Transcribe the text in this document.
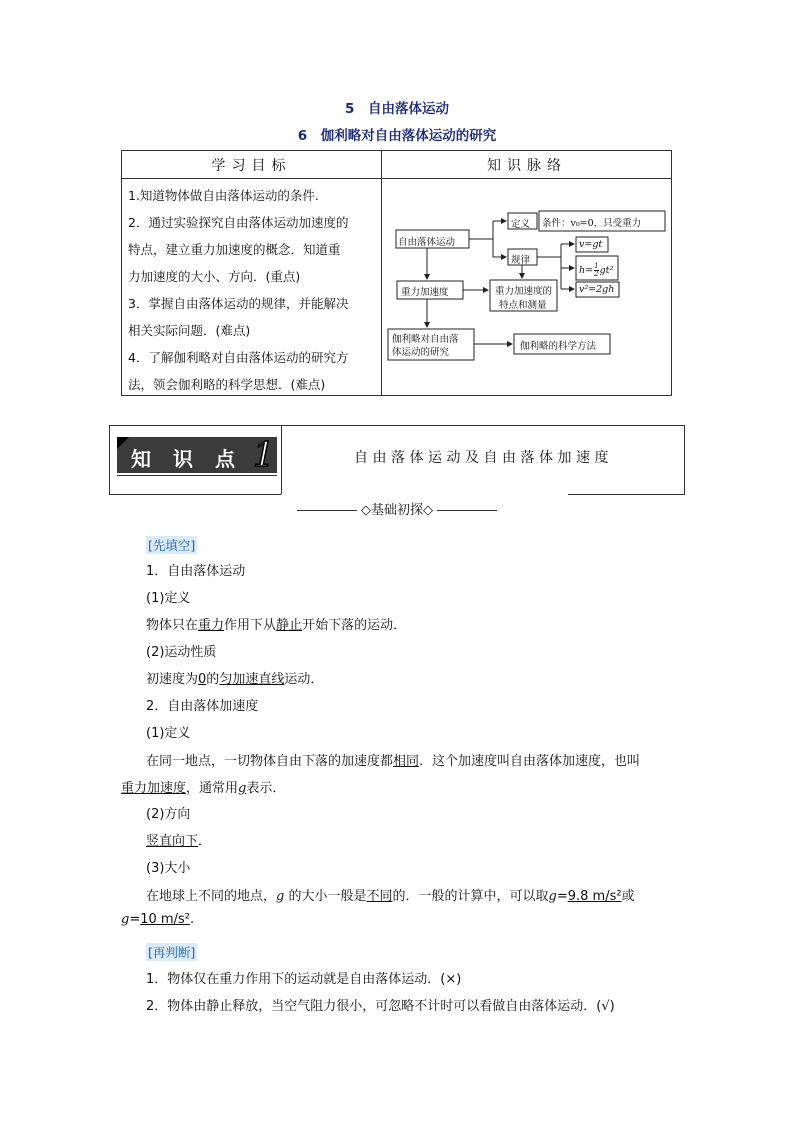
5　自由落体运动
6　伽利略对自由落体运动的研究
学习目标	知识脉络

1.知道物体做自由落体运动的条件.

2．通过实验探究自由落体运动加速度的

特点，建立重力加速度的概念．知道重

力加速度的大小、方向．(重点)

3．掌握自由落体运动的规律，并能解决

相关实际问题．(难点)

4．了解伽利略对自由落体运动的研究方

法，领会伽利略的科学思想．(难点)

自由落体运动
定义 条件：v₀=0，只受重力
规律
v=gt
$h= \frac{1}{2} gt^2$
v²=2gh
重力加速度	重力加速度的
特点和测量
伽利略对自由落
体运动的研究
伽利略的科学方法
知识点
1	自由落体运动及自由落体加速度
◇基础初探◇
[先填空]
1．自由落体运动
(1)定义
物体只在重力作用下从静止开始下落的运动．
(2)运动性质
初速度为0的匀加速直线运动．
2．自由落体加速度
(1)定义
在同一地点，一切物体自由下落的加速度都相同．这个加速度叫自由落体加速度，也叫
重力加速度，通常用g表示．
(2)方向
竖直向下．
(3)大小
在地球上不同的地点，g 的大小一般是不同的．一般的计算中，可以取g=9.8 m/s²或
g=10 m/s².
[再判断]
1．物体仅在重力作用下的运动就是自由落体运动．(×)
2．物体由静止释放，当空气阻力很小，可忽略不计时可以看做自由落体运动．(√)
